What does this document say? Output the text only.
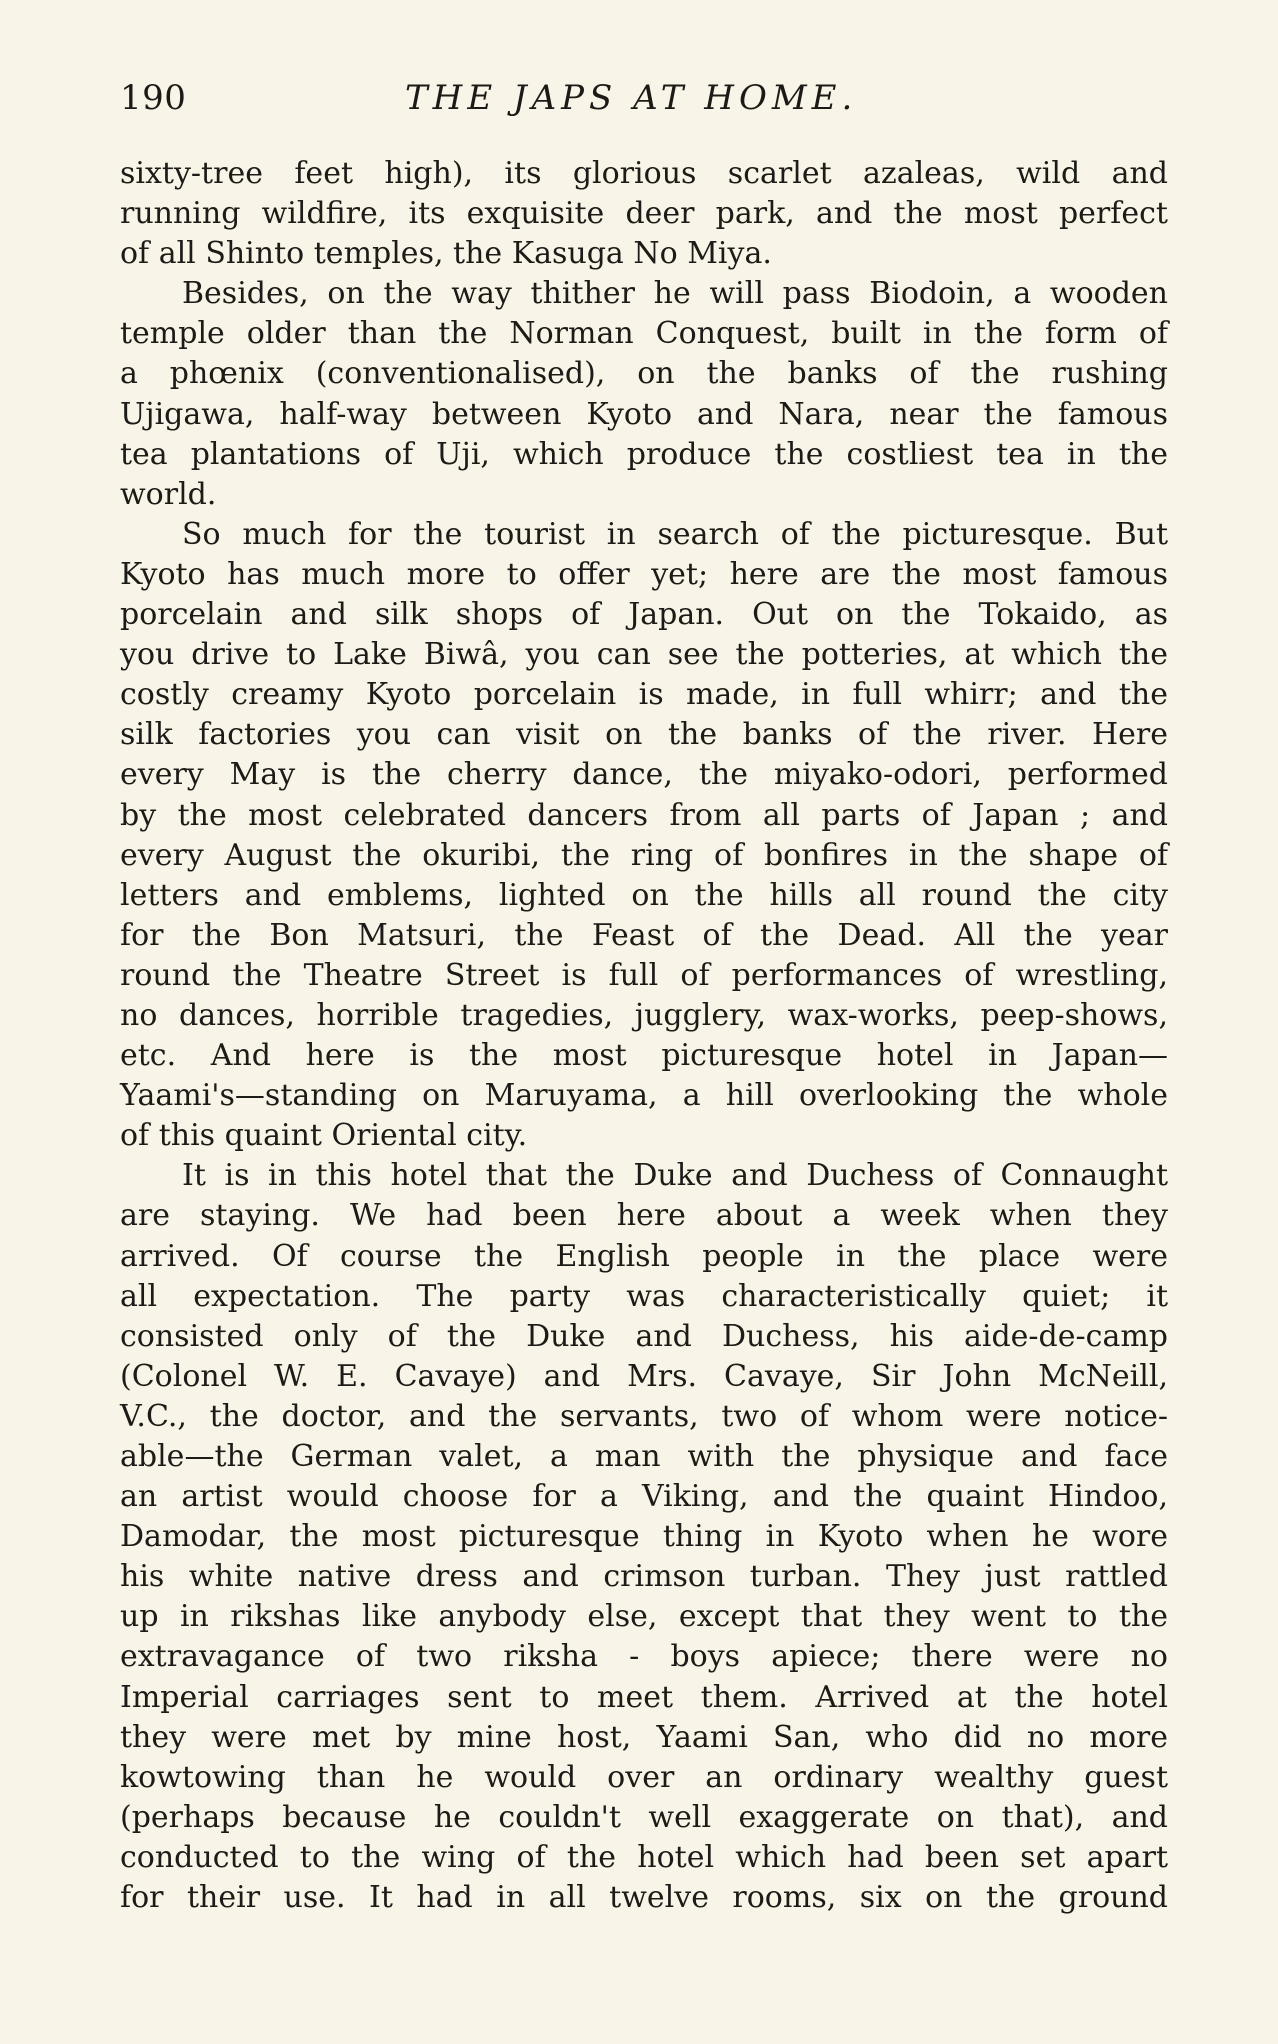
190	THE JAPS AT HOME.
sixty-tree feet high), its glorious scarlet azaleas, wild and
running wildfire, its exquisite deer park, and the most perfect
of all Shinto temples, the Kasuga No Miya.
Besides, on the way thither he will pass Biodoin, a wooden
temple older than the Norman Conquest, built in the form of
a phœnix (conventionalised), on the banks of the rushing
Ujigawa, half-way between Kyoto and Nara, near the famous
tea plantations of Uji, which produce the costliest tea in the
world.
So much for the tourist in search of the picturesque. But
Kyoto has much more to offer yet; here are the most famous
porcelain and silk shops of Japan. Out on the Tokaido, as
you drive to Lake Biwâ, you can see the potteries, at which the
costly creamy Kyoto porcelain is made, in full whirr; and the
silk factories you can visit on the banks of the river. Here
every May is the cherry dance, the miyako-odori, performed
by the most celebrated dancers from all parts of Japan ; and
every August the okuribi, the ring of bonfires in the shape of
letters and emblems, lighted on the hills all round the city
for the Bon Matsuri, the Feast of the Dead. All the year
round the Theatre Street is full of performances of wrestling,
no dances, horrible tragedies, jugglery, wax-works, peep-shows,
etc. And here is the most picturesque hotel in Japan—
Yaami's—standing on Maruyama, a hill overlooking the whole
of this quaint Oriental city.
It is in this hotel that the Duke and Duchess of Connaught
are staying. We had been here about a week when they
arrived. Of course the English people in the place were
all expectation. The party was characteristically quiet; it
consisted only of the Duke and Duchess, his aide-de-camp
(Colonel W. E. Cavaye) and Mrs. Cavaye, Sir John McNeill,
V.C., the doctor, and the servants, two of whom were notice-
able—the German valet, a man with the physique and face
an artist would choose for a Viking, and the quaint Hindoo,
Damodar, the most picturesque thing in Kyoto when he wore
his white native dress and crimson turban. They just rattled
up in rikshas like anybody else, except that they went to the
extravagance of two riksha - boys apiece; there were no
Imperial carriages sent to meet them. Arrived at the hotel
they were met by mine host, Yaami San, who did no more
kowtowing than he would over an ordinary wealthy guest
(perhaps because he couldn't well exaggerate on that), and
conducted to the wing of the hotel which had been set apart
for their use. It had in all twelve rooms, six on the ground
